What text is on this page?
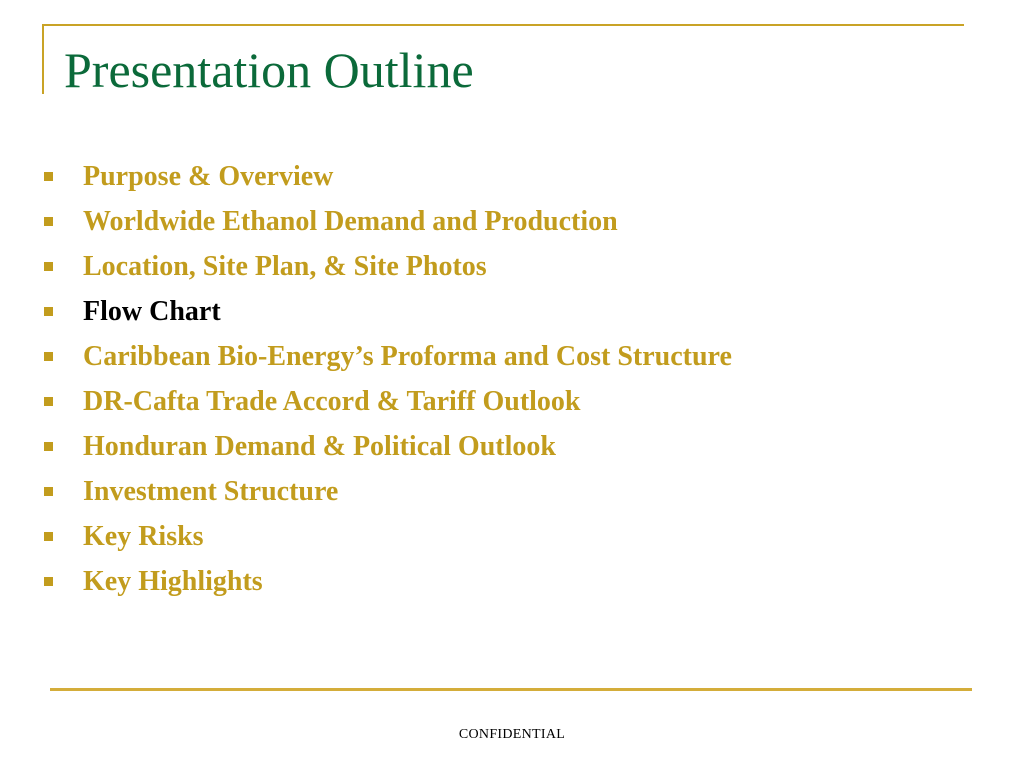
Presentation Outline
Purpose & Overview
Worldwide Ethanol Demand and Production
Location, Site Plan, & Site Photos
Flow Chart
Caribbean Bio-Energy’s Proforma and Cost Structure
DR-Cafta Trade Accord & Tariff Outlook
Honduran Demand & Political Outlook
Investment Structure
Key Risks
Key Highlights
CONFIDENTIAL
